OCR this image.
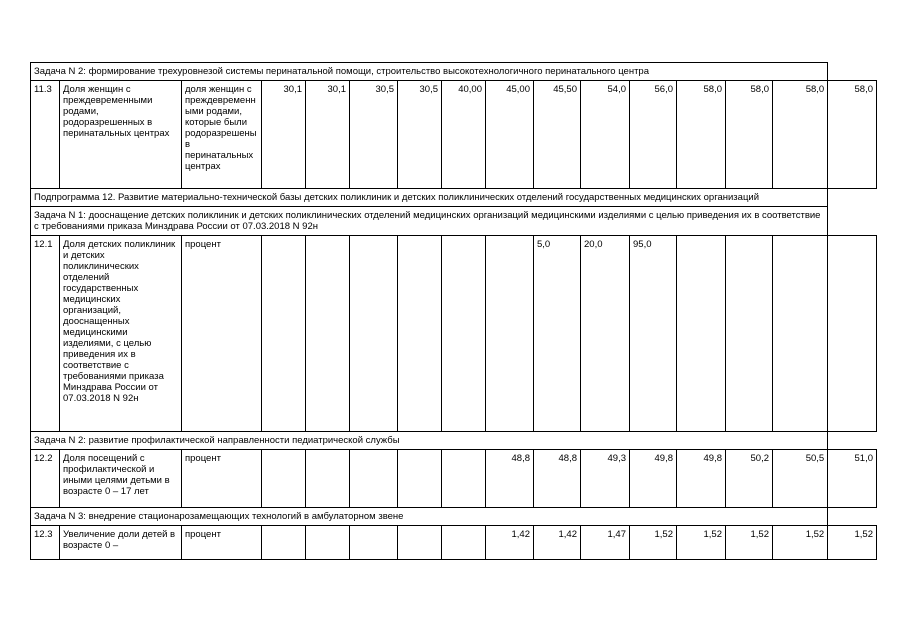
Задача N 2: формирование трехуровнезой системы перинатальной помощи, строительство высокотехнологичного перинатального центра															
11.3	Доля женщин с преждевременными родами, родоразрешенных в перинатальных центрах	доля женщин с преждевременными родами, которые были родоразрешены в перинатальных центрах	30,1	30,1	30,5	30,5	40,00	45,00	45,50	54,0	56,0	58,0	58,0	58,0	58,0
Подпрограмма 12. Развитие материально-технической базы детских поликлиник и детских поликлинических отделений государственных медицинских организаций															
Задача N 1: дооснащение детских поликлиник и детских поликлинических отделений медицинских организаций медицинскими изделиями с целью приведения их в соответствие с требованиями приказа Минздрава России от 07.03.2018 N 92н															
12.1	Доля детских поликлиник и детских поликлинических отделений государственных медицинских организаций, дооснащенных медицинскими изделиями, с целью приведения их в соответствие с требованиями приказа Минздрава России от 07.03.2018 N 92н	процент							5,0	20,0	95,0				
Задача N 2: развитие профилактической направленности педиатрической службы															
12.2	Доля посещений с профилактической и иными целями детьми в возрасте 0 – 17 лет	процент						48,8	48,8	49,3	49,8	49,8	50,2	50,5	51,0
Задача N 3: внедрение стационарозамещающих технологий в амбулаторном звене															
12.3	Увеличение доли детей в возрасте 0 –	процент						1,42	1,42	1,47	1,52	1,52	1,52	1,52	1,52
